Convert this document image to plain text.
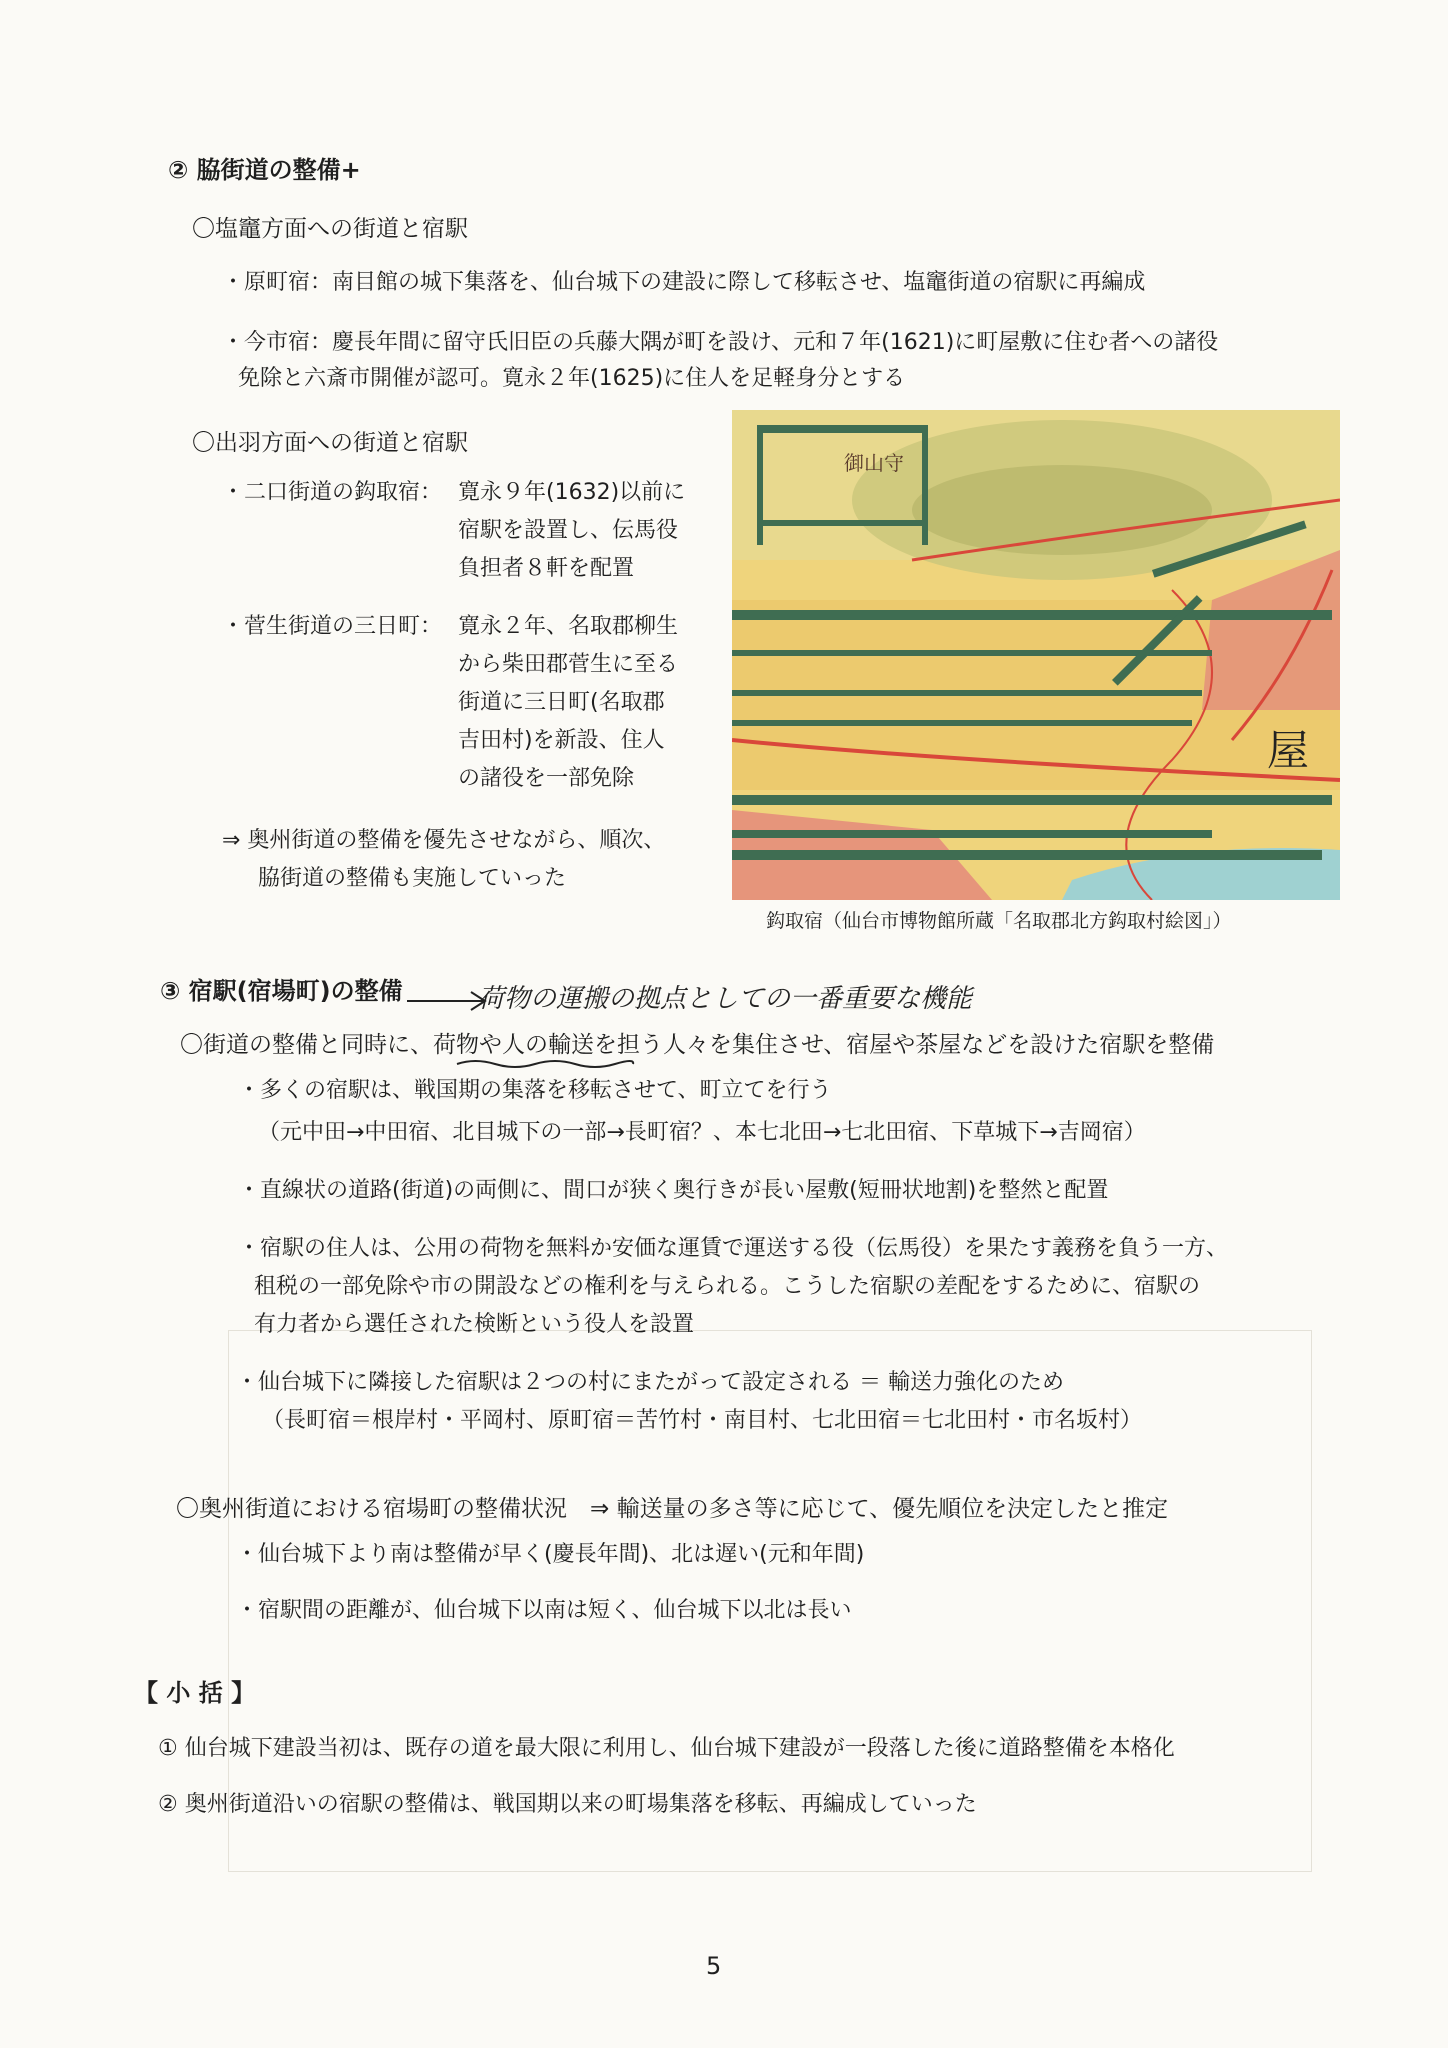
② 脇街道の整備+
〇塩竈方面への街道と宿駅
・原町宿：南目館の城下集落を、仙台城下の建設に際して移転させ、塩竈街道の宿駅に再編成
・今市宿：慶長年間に留守氏旧臣の兵藤大隅が町を設け、元和７年(1621)に町屋敷に住む者への諸役
免除と六斎市開催が認可。寛永２年(1625)に住人を足軽身分とする
〇出羽方面への街道と宿駅
・二口街道の鈎取宿： 寛永９年(1632)以前に
宿駅を設置し、伝馬役
負担者８軒を配置
・菅生街道の三日町： 寛永２年、名取郡柳生
から柴田郡菅生に至る
街道に三日町(名取郡
吉田村)を新設、住人
の諸役を一部免除
⇒ 奥州街道の整備を優先させながら、順次、
脇街道の整備も実施していった
御山守
屋
鈎取宿（仙台市博物館所蔵「名取郡北方鈎取村絵図」）
③ 宿駅(宿場町)の整備	荷物の運搬の拠点としての一番重要な機能
〇街道の整備と同時に、荷物や人の輸送を担う人々を集住させ、宿屋や茶屋などを設けた宿駅を整備
・多くの宿駅は、戦国期の集落を移転させて、町立てを行う
（元中田→中田宿、北目城下の一部→長町宿？、本七北田→七北田宿、下草城下→吉岡宿）
・直線状の道路(街道)の両側に、間口が狭く奥行きが長い屋敷(短冊状地割)を整然と配置
・宿駅の住人は、公用の荷物を無料か安価な運賃で運送する役（伝馬役）を果たす義務を負う一方、
租税の一部免除や市の開設などの権利を与えられる。こうした宿駅の差配をするために、宿駅の
有力者から選任された検断という役人を設置
・仙台城下に隣接した宿駅は２つの村にまたがって設定される ＝ 輸送力強化のため
（長町宿＝根岸村・平岡村、原町宿＝苦竹村・南目村、七北田宿＝七北田村・市名坂村）
〇奥州街道における宿場町の整備状況　⇒ 輸送量の多さ等に応じて、優先順位を決定したと推定
・仙台城下より南は整備が早く(慶長年間)、北は遅い(元和年間)
・宿駅間の距離が、仙台城下以南は短く、仙台城下以北は長い
【 小 括 】
① 仙台城下建設当初は、既存の道を最大限に利用し、仙台城下建設が一段落した後に道路整備を本格化
② 奥州街道沿いの宿駅の整備は、戦国期以来の町場集落を移転、再編成していった
5
